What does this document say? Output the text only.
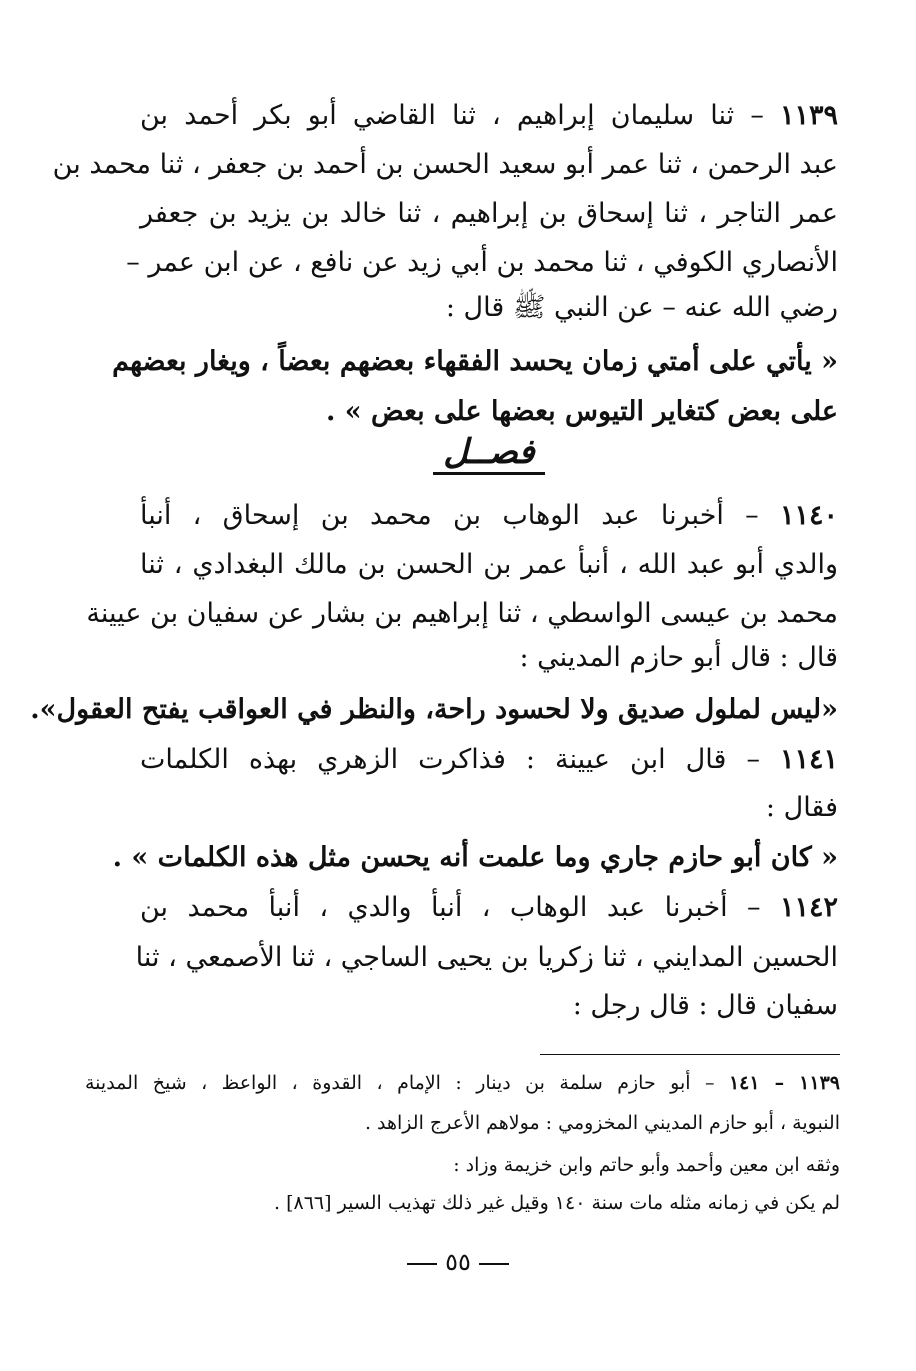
١١٣٩ – ثنا سليمان إبراهيم ، ثنا القاضي أبو بكر أحمد بن
عبد الرحمن ، ثنا عمر أبو سعيد الحسن بن أحمد بن جعفر ، ثنا محمد بن
عمر التاجر ، ثنا إسحاق بن إبراهيم ، ثنا خالد بن يزيد بن جعفر
الأنصاري الكوفي ، ثنا محمد بن أبي زيد عن نافع ، عن ابن عمر –
رضي الله عنه – عن النبي ﷺ قال :
« يأتي على أمتي زمان يحسد الفقهاء بعضهم بعضاً ، ويغار بعضهم
على بعض كتغاير التيوس بعضها على بعض » .
فصــل
١١٤٠ – أخبرنا عبد الوهاب بن محمد بن إسحاق ، أنبأ
والدي أبو عبد الله ، أنبأ عمر بن الحسن بن مالك البغدادي ، ثنا
محمد بن عيسى الواسطي ، ثنا إبراهيم بن بشار عن سفيان بن عيينة
قال : قال أبو حازم المديني :
«ليس لملول صديق ولا لحسود راحة، والنظر في العواقب يفتح العقول».
١١٤١ – قال ابن عيينة : فذاكرت الزهري بهذه الكلمات
فقال :
« كان أبو حازم جاري وما علمت أنه يحسن مثل هذه الكلمات » .
١١٤٢ – أخبرنا عبد الوهاب ، أنبأ والدي ، أنبأ محمد بن
الحسين المدايني ، ثنا زكريا بن يحيى الساجي ، ثنا الأصمعي ، ثنا
سفيان قال : قال رجل :
١١٣٩ – ١٤١ – أبو حازم سلمة بن دينار : الإمام ، القدوة ، الواعظ ، شيخ المدينة
النبوية ، أبو حازم المديني المخزومي : مولاهم الأعرج الزاهد .
وثقه ابن معين وأحمد وأبو حاتم وابن خزيمة وزاد :
لم يكن في زمانه مثله مات سنة ١٤٠ وقيل غير ذلك تهذيب السير [٨٦٦] .
٥٥
